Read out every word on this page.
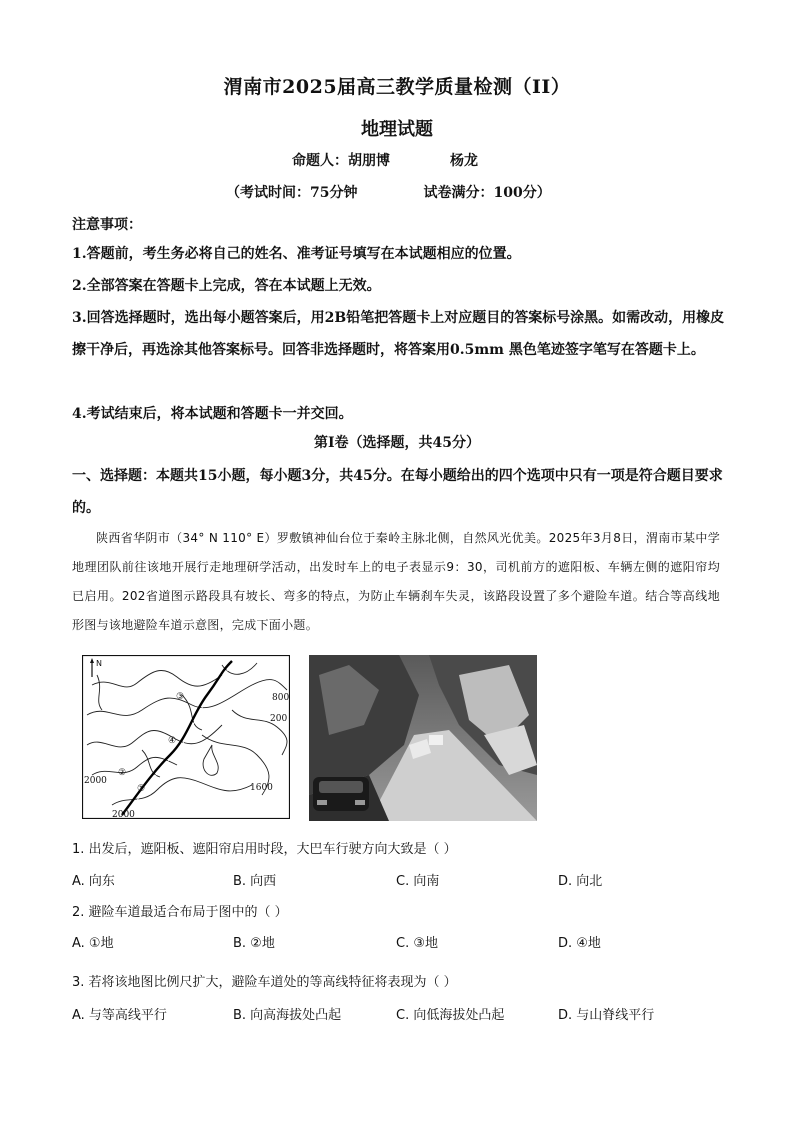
渭南市2025届高三教学质量检测（II）
地理试题
命题人：胡朋博	杨龙
（考试时间：75分钟	试卷满分：100分）
注意事项：
1.答题前，考生务必将自己的姓名、准考证号填写在本试题相应的位置。
2.全部答案在答题卡上完成，答在本试题上无效。
3.回答选择题时，选出每小题答案后，用2B铅笔把答题卡上对应题目的答案标号涂黑。如需改动，用橡皮擦干净后，再选涂其他答案标号。回答非选择题时，将答案用0.5mm 黑色笔迹签字笔写在答题卡上。
4.考试结束后，将本试题和答题卡一并交回。
第I卷（选择题，共45分）
一、选择题：本题共15小题，每小题3分，共45分。在每小题给出的四个选项中只有一项是符合题目要求的。
陕西省华阴市（34° N 110° E）罗敷镇神仙台位于秦岭主脉北侧，自然风光优美。2025年3月8日，渭南市某中学地理团队前往该地开展行走地理研学活动，出发时车上的电子表显示9：30，司机前方的遮阳板、车辆左侧的遮阳帘均已启用。202省道图示路段具有坡长、弯多的特点，为防止车辆刹车失灵，该路段设置了多个避险车道。结合等高线地形图与该地避险车道示意图，完成下面小题。
N
800
200
2000
1600
2000
①
②
③
④
1. 出发后，遮阳板、遮阳帘启用时段，大巴车行驶方向大致是（ ）
A. 向东	B. 向西	C. 向南	D. 向北
2. 避险车道最适合布局于图中的（ ）
A. ①地	B. ②地	C. ③地	D. ④地
3. 若将该地图比例尺扩大，避险车道处的等高线特征将表现为（ ）
A. 与等高线平行	B. 向高海拔处凸起	C. 向低海拔处凸起	D. 与山脊线平行
